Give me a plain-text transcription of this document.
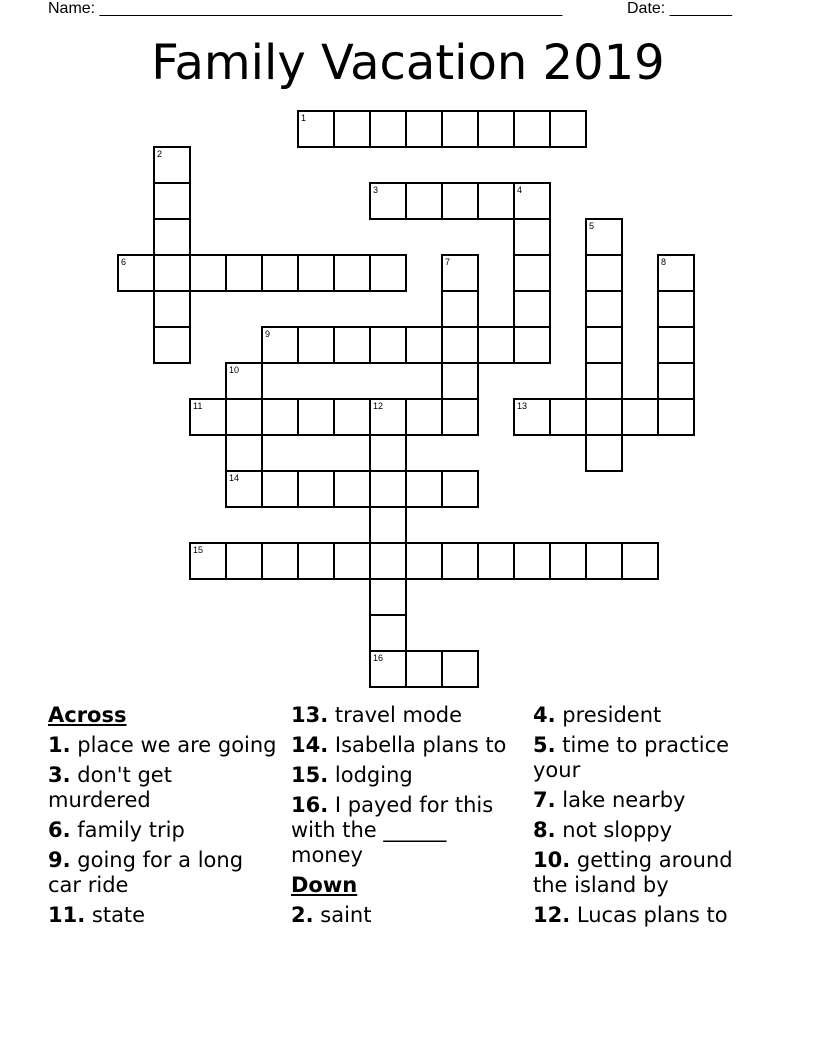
Name: ____________________________________________________	Date: _______
Family Vacation 2019
1
2
3	4
5
6	7	8
9
10
14
11	12
16
13
15
Across
1. place we are going
3. don't get murdered
6. family trip
9. going for a long car ride
11. state
13. travel mode
14. Isabella plans to
15. lodging
16. I payed for this with the ______ money
Down
2. saint
4. president
5. time to practice your
7. lake nearby
8. not sloppy
10. getting around the island by
12. Lucas plans to
